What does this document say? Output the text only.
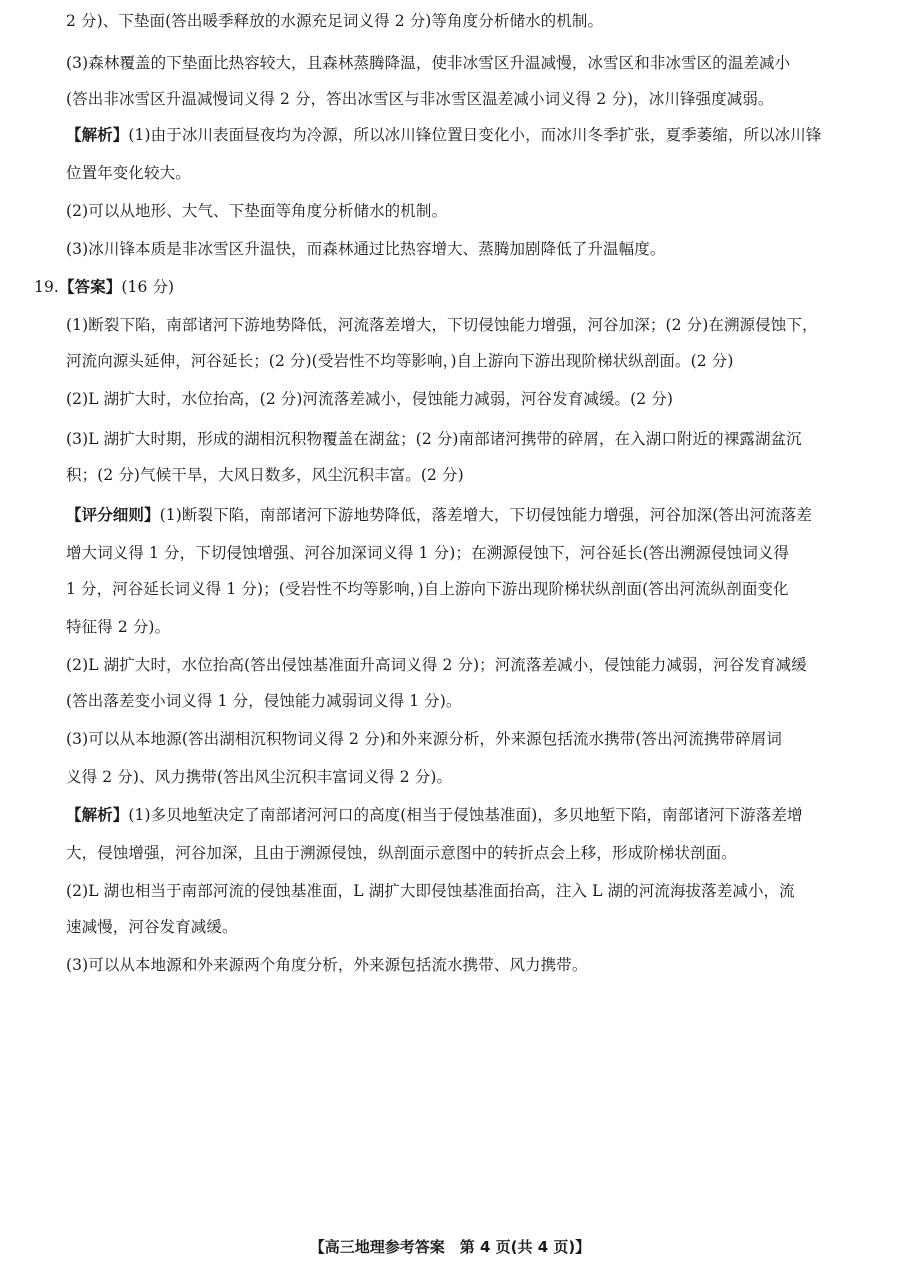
2 分)、下垫面(答出暖季释放的水源充足词义得 2 分)等角度分析储水的机制。
(3)森林覆盖的下垫面比热容较大，且森林蒸腾降温，使非冰雪区升温减慢，冰雪区和非冰雪区的温差减小
(答出非冰雪区升温减慢词义得 2 分，答出冰雪区与非冰雪区温差减小词义得 2 分)，冰川锋强度减弱。
【解析】(1)由于冰川表面昼夜均为冷源，所以冰川锋位置日变化小，而冰川冬季扩张，夏季萎缩，所以冰川锋
位置年变化较大。
(2)可以从地形、大气、下垫面等角度分析储水的机制。
(3)冰川锋本质是非冰雪区升温快，而森林通过比热容增大、蒸腾加剧降低了升温幅度。
19.【答案】(16 分)
(1)断裂下陷，南部诸河下游地势降低，河流落差增大，下切侵蚀能力增强，河谷加深；(2 分)在溯源侵蚀下，
河流向源头延伸，河谷延长；(2 分)(受岩性不均等影响，)自上游向下游出现阶梯状纵剖面。(2 分)
(2)L 湖扩大时，水位抬高，(2 分)河流落差减小，侵蚀能力减弱，河谷发育减缓。(2 分)
(3)L 湖扩大时期，形成的湖相沉积物覆盖在湖盆；(2 分)南部诸河携带的碎屑，在入湖口附近的裸露湖盆沉
积；(2 分)气候干旱，大风日数多，风尘沉积丰富。(2 分)
【评分细则】(1)断裂下陷，南部诸河下游地势降低，落差增大，下切侵蚀能力增强，河谷加深(答出河流落差
增大词义得 1 分，下切侵蚀增强、河谷加深词义得 1 分)；在溯源侵蚀下，河谷延长(答出溯源侵蚀词义得
1 分，河谷延长词义得 1 分)；(受岩性不均等影响，)自上游向下游出现阶梯状纵剖面(答出河流纵剖面变化
特征得 2 分)。
(2)L 湖扩大时，水位抬高(答出侵蚀基准面升高词义得 2 分)；河流落差减小，侵蚀能力减弱，河谷发育减缓
(答出落差变小词义得 1 分，侵蚀能力减弱词义得 1 分)。
(3)可以从本地源(答出湖相沉积物词义得 2 分)和外来源分析，外来源包括流水携带(答出河流携带碎屑词
义得 2 分)、风力携带(答出风尘沉积丰富词义得 2 分)。
【解析】(1)多贝地堑决定了南部诸河河口的高度(相当于侵蚀基准面)，多贝地堑下陷，南部诸河下游落差增
大，侵蚀增强，河谷加深，且由于溯源侵蚀，纵剖面示意图中的转折点会上移，形成阶梯状剖面。
(2)L 湖也相当于南部河流的侵蚀基准面，L 湖扩大即侵蚀基准面抬高，注入 L 湖的河流海拔落差减小，流
速减慢，河谷发育减缓。
(3)可以从本地源和外来源两个角度分析，外来源包括流水携带、风力携带。
【高三地理参考答案　第 4 页(共 4 页)】
